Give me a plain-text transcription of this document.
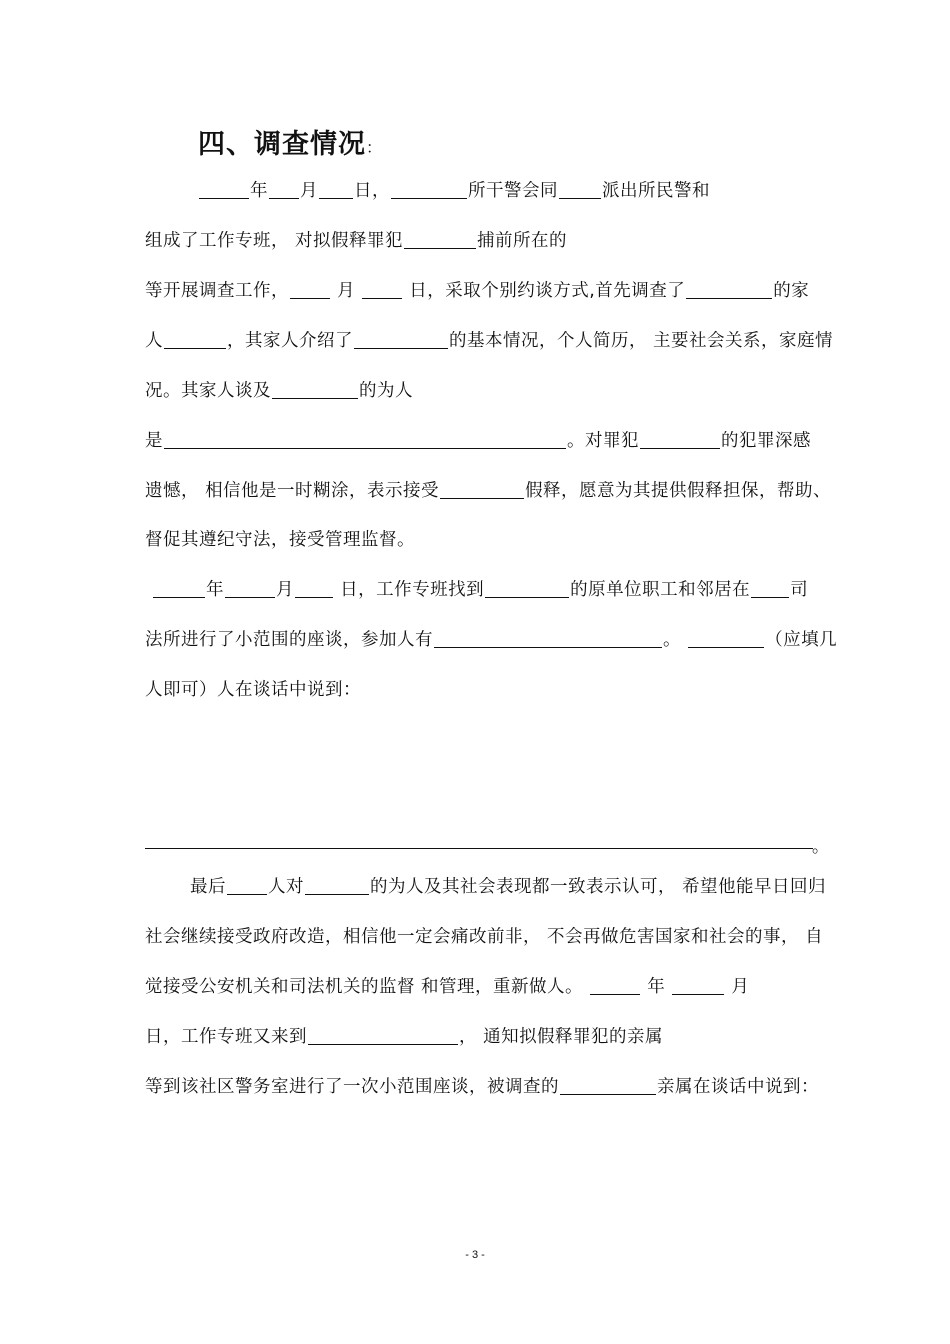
四、调查情况：
年 月 日，	所干警会同	派出所民警和
组成了工作专班， 对拟假释罪犯	捕前所在的
等开展调查工作，	月	日，采取个别约谈方式,首先调查了	的家
人	，其家人介绍了	的基本情况，个人简历， 主要社会关系，家庭情
况。其家人谈及	的为人
是	。对罪犯	的犯罪深感
遗憾， 相信他是一时糊涂，表示接受	假释，愿意为其提供假释担保，帮助、
督促其遵纪守法，接受管理监督。
年	月	日，工作专班找到	的原单位职工和邻居在 司
法所进行了小范围的座谈，参加人有	。	（应填几
人即可）人在谈话中说到：
。
最后 人对	的为人及其社会表现都一致表示认可， 希望他能早日回归
社会继续接受政府改造，相信他一定会痛改前非， 不会再做危害国家和社会的事， 自
觉接受公安机关和司法机关的监督 和管理，重新做人。	年	月
日，工作专班又来到	， 通知拟假释罪犯的亲属
等到该社区警务室进行了一次小范围座谈，被调查的	亲属在谈话中说到：
- 3 -
